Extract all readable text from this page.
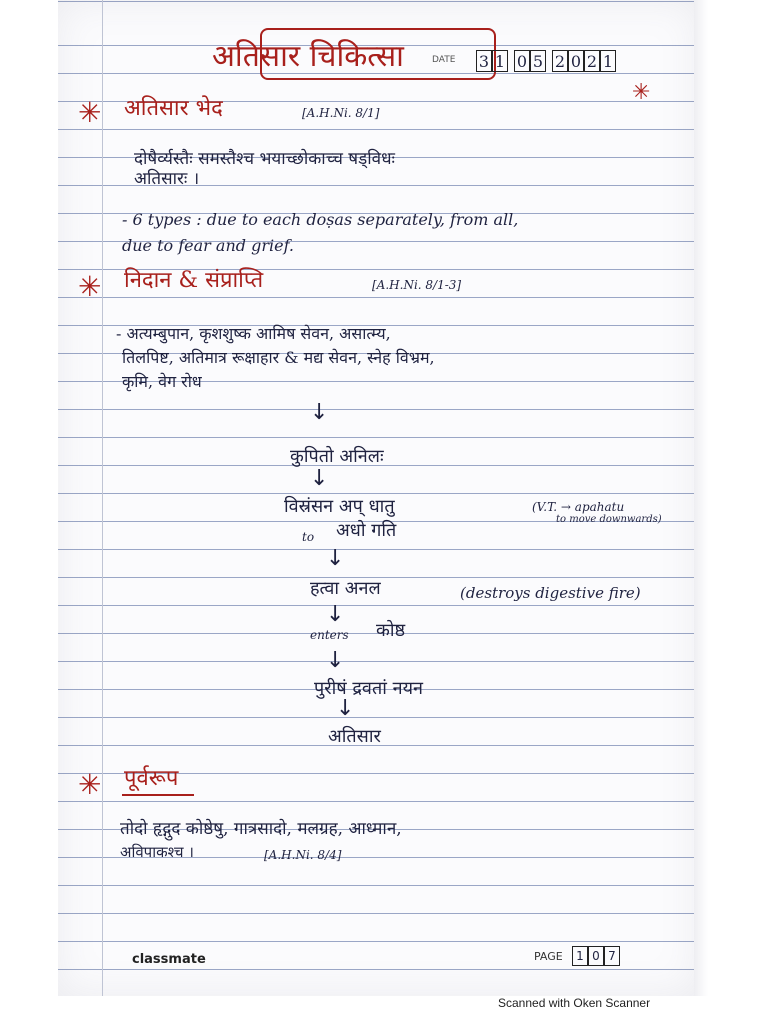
अतिसार चिकित्सा	DATE 3 1 0 5 2 0 2 1
✳
✳ अतिसार भेद	[A.H.Ni. 8/1]
दोषैर्व्यस्तैः समस्तैश्च भयाच्छोकाच्च षड्विधः
अतिसारः ।
- 6 types : due to each doṣas separately, from all,
due to fear and grief.
✳ निदान & संप्राप्ति	[A.H.Ni. 8/1-3]
- अत्यम्बुपान, कृशशुष्क आमिष सेवन, असात्म्य,
तिलपिष्ट, अतिमात्र रूक्षाहार & मद्य सेवन, स्नेह विभ्रम,
कृमि, वेग रोध
↓
कुपितो अनिलः
↓
विस्रंसन अप् धातु	(V.T. → apahatu
to move downwards)
to अधो गति
↓
हत्वा अनल	(destroys digestive fire)
↓
enters कोष्ठ
↓
पुरीषं द्रवतां नयन
↓
अतिसार
✳ पूर्वरूप
तोदो हृद्गुद कोष्ठेषु, गात्रसादो, मलग्रह, आध्मान,
अविपाकश्च ।	[A.H.Ni. 8/4]
classmate	PAGE	1 0 7
Scanned with Oken Scanner
